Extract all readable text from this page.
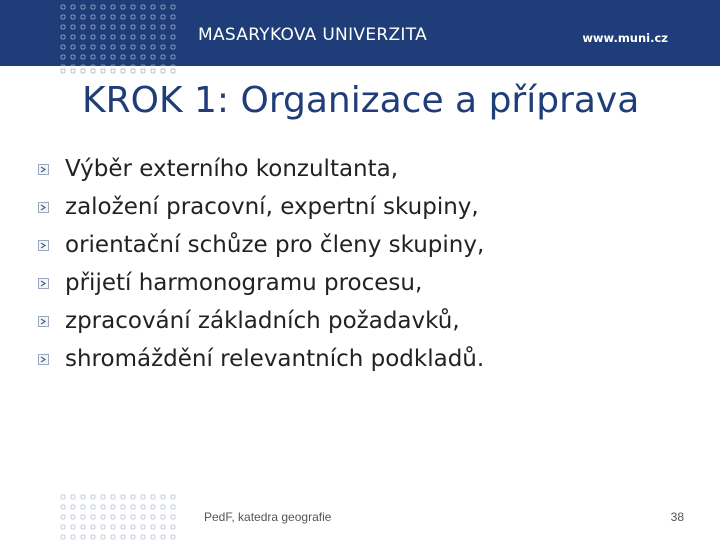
MASARYKOVA UNIVERZITA	www.muni.cz
KROK 1: Organizace a příprava
Výběr externího konzultanta,
založení pracovní, expertní skupiny,
orientační schůze pro členy skupiny,
přijetí harmonogramu procesu,
zpracování základních požadavků,
shromáždění relevantních podkladů.
PedF, katedra geografie	38
